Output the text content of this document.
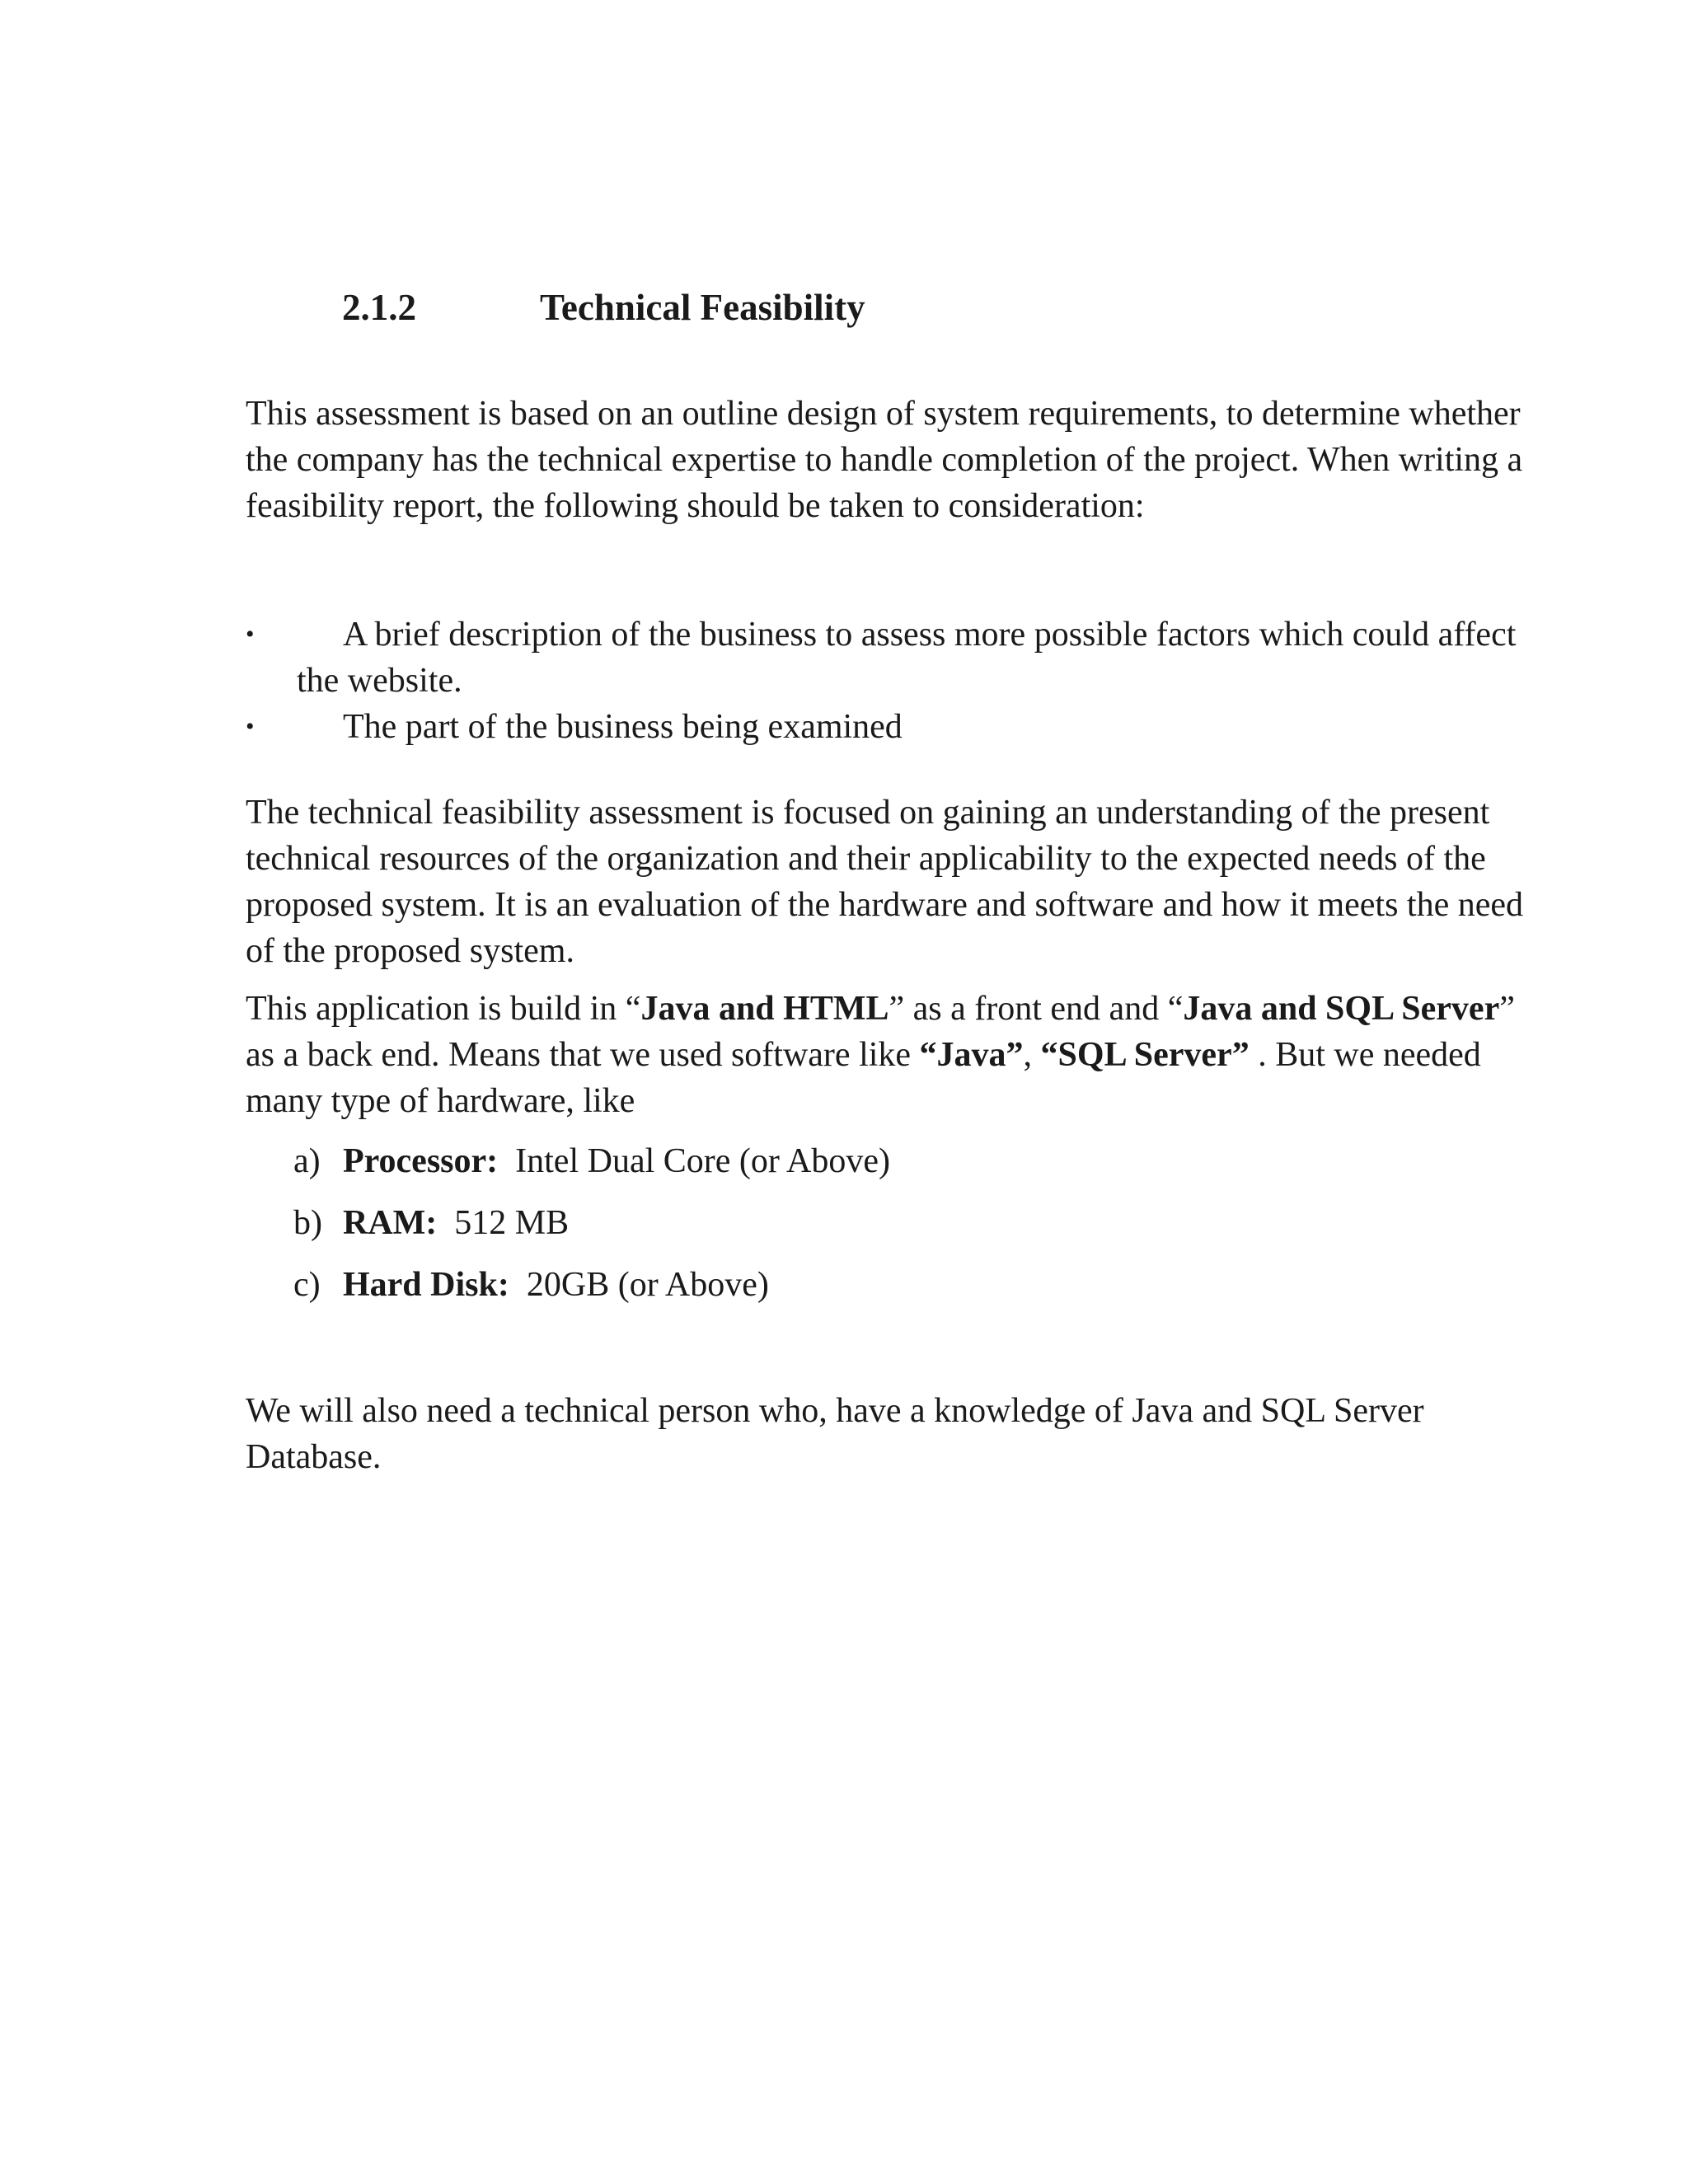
2.1.2	Technical Feasibility

This assessment is based on an outline design of system requirements, to determine whether the company has the technical expertise to handle completion of the project. When writing a feasibility report, the following should be taken to consideration:

•	A brief description of the business to assess more possible factors which could affect the website.
•	The part of the business being examined

The technical feasibility assessment is focused on gaining an understanding of the present technical resources of the organization and their applicability to the expected needs of the proposed system. It is an evaluation of the hardware and software and how it meets the need of the proposed system.

This application is build in “Java and HTML” as a front end and “Java and SQL Server” as a back end. Means that we used software like “Java”, “SQL Server” . But we needed many type of hardware, like

a) Processor: Intel Dual Core (or Above)
b) RAM: 512 MB
c) Hard Disk: 20GB (or Above)

We will also need a technical person who, have a knowledge of Java and SQL Server Database.
